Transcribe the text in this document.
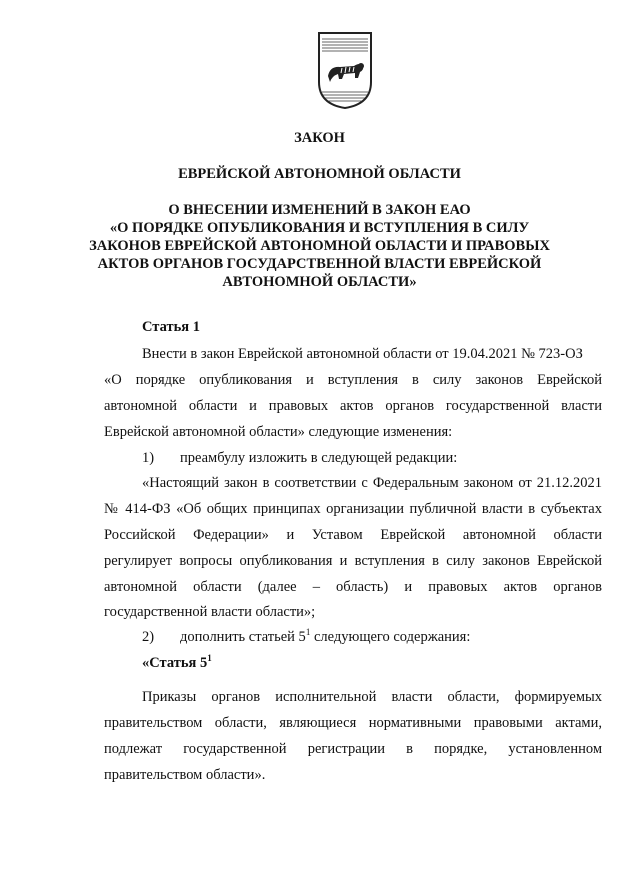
ЗАКОН
ЕВРЕЙСКОЙ АВТОНОМНОЙ ОБЛАСТИ
О ВНЕСЕНИИ ИЗМЕНЕНИЙ В ЗАКОН ЕАО
«О ПОРЯДКЕ ОПУБЛИКОВАНИЯ И ВСТУПЛЕНИЯ В СИЛУ
ЗАКОНОВ ЕВРЕЙСКОЙ АВТОНОМНОЙ ОБЛАСТИ И ПРАВОВЫХ
АКТОВ ОРГАНОВ ГОСУДАРСТВЕННОЙ ВЛАСТИ ЕВРЕЙСКОЙ
АВТОНОМНОЙ ОБЛАСТИ»
Статья 1
Внести в закон Еврейской автономной области от 19.04.2021 № 723-ОЗ
«О порядке опубликования и вступления в силу законов Еврейской
автономной области и правовых актов органов государственной власти
Еврейской автономной области» следующие изменения:
1) преамбулу изложить в следующей редакции:
«Настоящий закон в соответствии с Федеральным законом от 21.12.2021
№ 414-ФЗ «Об общих принципах организации публичной власти в субъектах
Российской Федерации» и Уставом Еврейской автономной области
регулирует вопросы опубликования и вступления в силу законов Еврейской
автономной области (далее – область) и правовых актов органов
государственной власти области»;
2) дополнить статьей $5^1$ следующего содержания:
«Статья $5^1$
Приказы органов исполнительной власти области, формируемых
правительством области, являющиеся нормативными правовыми актами,
подлежат государственной регистрации в порядке, установленном
правительством области».
